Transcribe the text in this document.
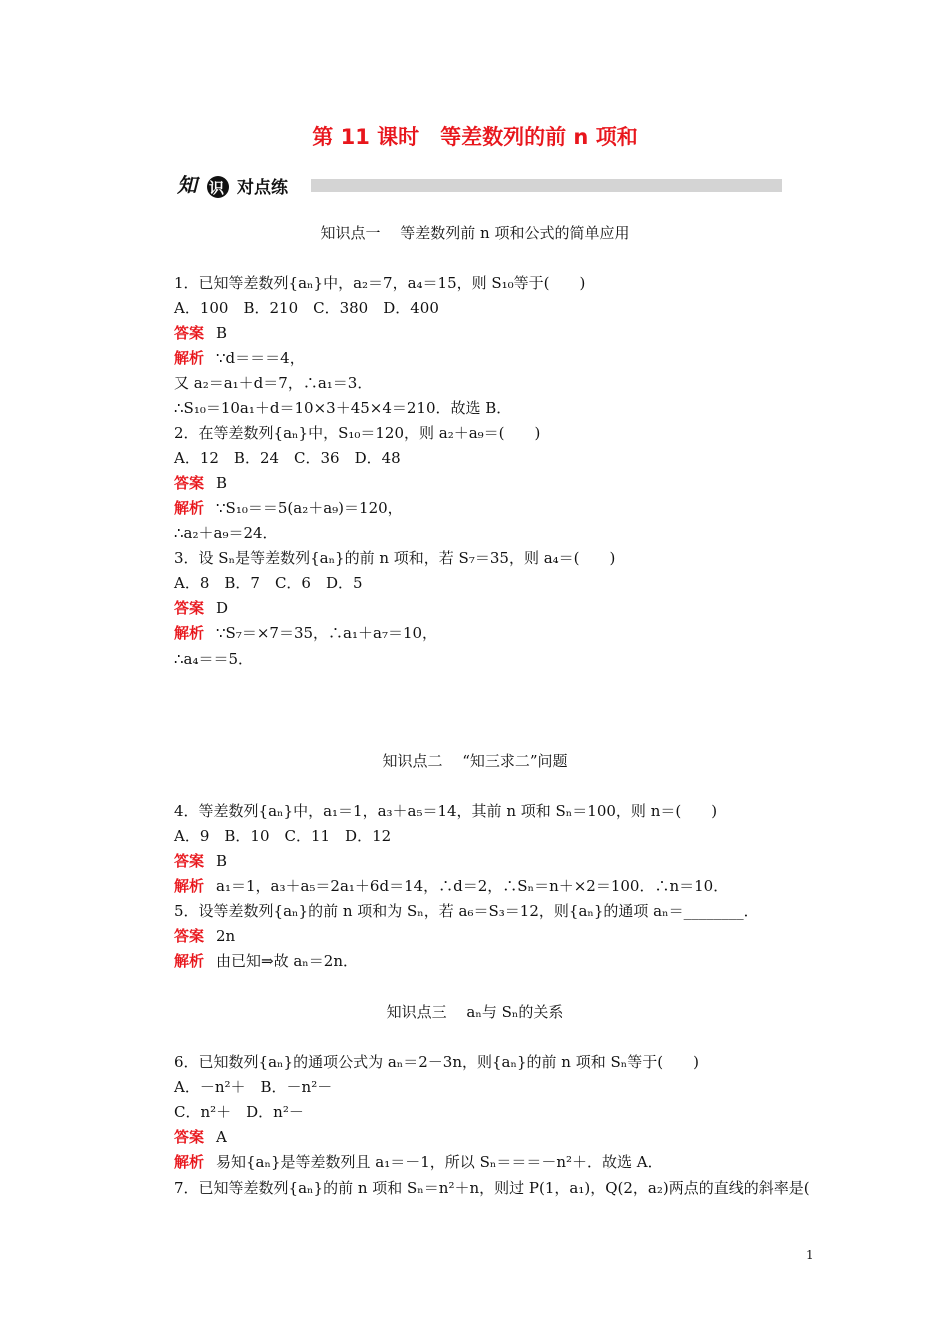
第 11 课时　等差数列的前 n 项和
知 识 对点练
知识点一　 等差数列前 n 项和公式的简单应用
1．已知等差数列{aₙ}中，a₂＝7，a₄＝15，则 S₁₀等于(　　)
A．100　B．210　C．380　D．400
答案 B
解析 ∵d＝＝＝4，
又 a₂＝a₁＋d＝7，∴a₁＝3．
∴S₁₀＝10a₁＋d＝10×3＋45×4＝210．故选 B．
2．在等差数列{aₙ}中，S₁₀＝120，则 a₂＋a₉＝(　　)
A．12　B．24　C．36　D．48
答案 B
解析 ∵S₁₀＝＝5(a₂＋a₉)＝120，
∴a₂＋a₉＝24．
3．设 Sₙ是等差数列{aₙ}的前 n 项和，若 S₇＝35，则 a₄＝(　　)
A．8　B．7　C．6　D．5
答案 D
解析 ∵S₇＝×7＝35，∴a₁＋a₇＝10，
∴a₄＝＝5．
知识点二　 “知三求二”问题
4．等差数列{aₙ}中，a₁＝1，a₃＋a₅＝14，其前 n 项和 Sₙ＝100，则 n＝(　　)
A．9　B．10　C．11　D．12
答案 B
解析 a₁＝1，a₃＋a₅＝2a₁＋6d＝14，∴d＝2，∴Sₙ＝n＋×2＝100．∴n＝10．
5．设等差数列{aₙ}的前 n 项和为 Sₙ，若 a₆＝S₃＝12，则{aₙ}的通项 aₙ＝________．
答案 2n
解析 由已知⇒故 aₙ＝2n．
知识点三　 aₙ与 Sₙ的关系
6．已知数列{aₙ}的通项公式为 aₙ＝2－3n，则{aₙ}的前 n 项和 Sₙ等于(　　)
A．－n²＋　B．－n²－
C．n²＋　D．n²－
答案 A
解析 易知{aₙ}是等差数列且 a₁＝－1，所以 Sₙ＝＝＝－n²＋．故选 A．
7．已知等差数列{aₙ}的前 n 项和 Sₙ＝n²＋n，则过 P(1，a₁)，Q(2，a₂)两点的直线的斜率是(
1
